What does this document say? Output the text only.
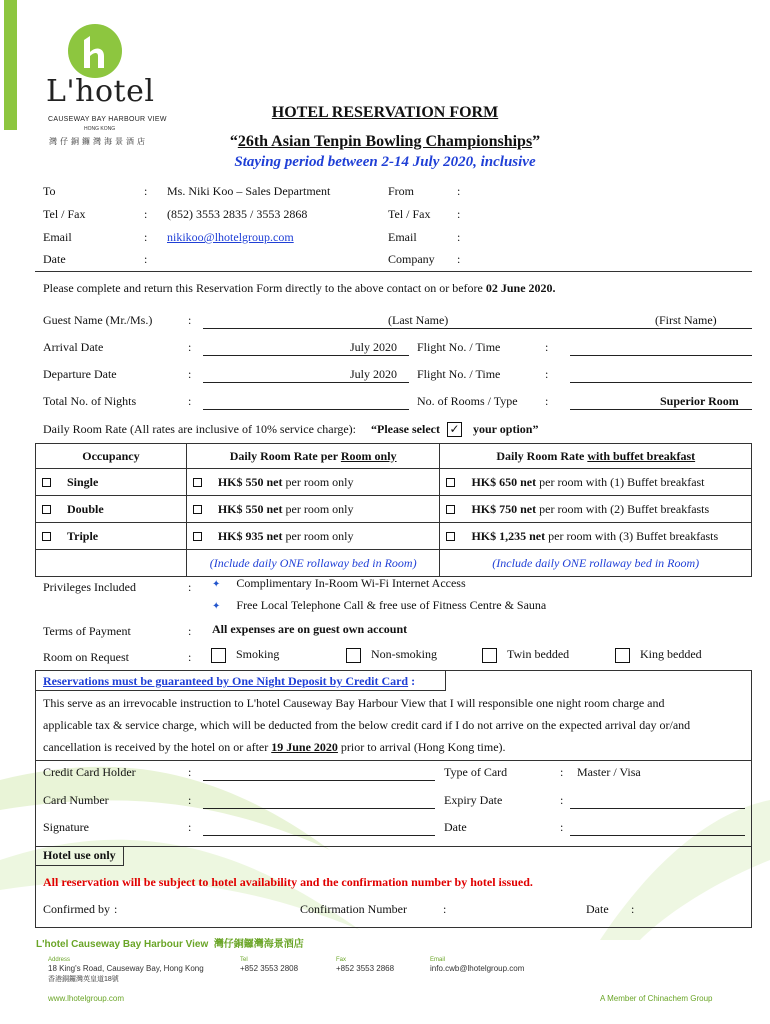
L'hotel
CAUSEWAY BAY HARBOUR VIEW
HONG KONG
灣仔銅鑼灣海景酒店
HOTEL RESERVATION FORM
“26th Asian Tenpin Bowling Championships”
Staying period between 2-14 July 2020, inclusive
To	: Ms. Niki Koo – Sales Department	From	:
Tel / Fax	: (852) 3553 2835 / 3553 2868	Tel / Fax :
Email	: nikikoo@lhotelgroup.com	Email	:
Date	:	Company :
Please complete and return this Reservation Form directly to the above contact on or before 02 June 2020.
Guest Name (Mr./Ms.)	:	(Last Name)	(First Name)
Arrival Date	:	July 2020 Flight No. / Time	:
Departure Date	:	July 2020 Flight No. / Time	:
Total No. of Nights	:	No. of Rooms / Type :	Superior Room
Daily Room Rate (All rates are inclusive of 10% service charge): “Please select ✓ your option”
Occupancy	Daily Room Rate per Room only	Daily Room Rate with buffet breakfast
Single	HK$ 550 net per room only	HK$ 650 net per room with (1) Buffet breakfast
Double	HK$ 550 net per room only	HK$ 750 net per room with (2) Buffet breakfasts
Triple	HK$ 935 net per room only	HK$ 1,235 net per room with (3) Buffet breakfasts
	(Include daily ONE rollaway bed in Room)	(Include daily ONE rollaway bed in Room)
Privileges Included	: ✦ Complimentary In-Room Wi-Fi Internet Access
✦ Free Local Telephone Call & free use of Fitness Centre & Sauna
Terms of Payment	: All expenses are on guest own account
Room on Request	:	Smoking	Non-smoking	Twin bedded	King bedded
Reservations must be guaranteed by One Night Deposit by Credit Card :
This serve as an irrevocable instruction to L'hotel Causeway Bay Harbour View that I will responsible one night room charge and
applicable tax & service charge, which will be deducted from the below credit card if I do not arrive on the expected arrival day or/and
cancellation is received by the hotel on or after 19 June 2020 prior to arrival (Hong Kong time).
Credit Card Holder	:	Type of Card	: Master / Visa
Card Number	:	Expiry Date	:
Signature	:	Date	:
Hotel use only
All reservation will be subject to hotel availability and the confirmation number by hotel issued.
Confirmed by :	Confirmation Number	:	Date :
L'hotel Causeway Bay Harbour View 灣仔銅鑼灣海景酒店
Address
18 King's Road, Causeway Bay, Hong Kong
香港銅鑼灣英皇道18號
Tel
+852 3553 2808
Fax
+852 3553 2868
Email
info.cwb@lhotelgroup.com
www.lhotelgroup.com	A Member of Chinachem Group
